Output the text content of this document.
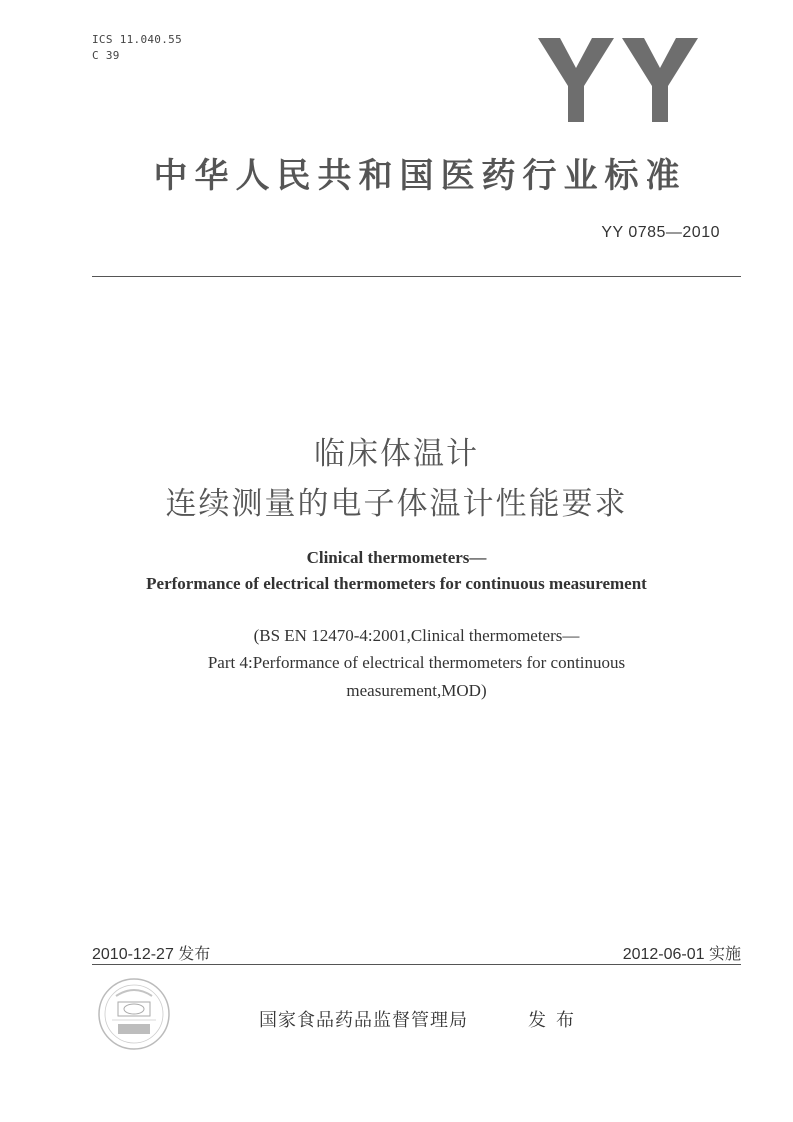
ICS 11.040.55
C 39
中华人民共和国医药行业标准
YY 0785—2010
临床体温计
连续测量的电子体温计性能要求
Clinical thermometers—
Performance of electrical thermometers for continuous measurement
(BS EN 12470-4:2001,Clinical thermometers—
Part 4:Performance of electrical thermometers for continuous
measurement,MOD)
2010-12-27 发布	2012-06-01 实施
国家食品药品监督管理局	发布
